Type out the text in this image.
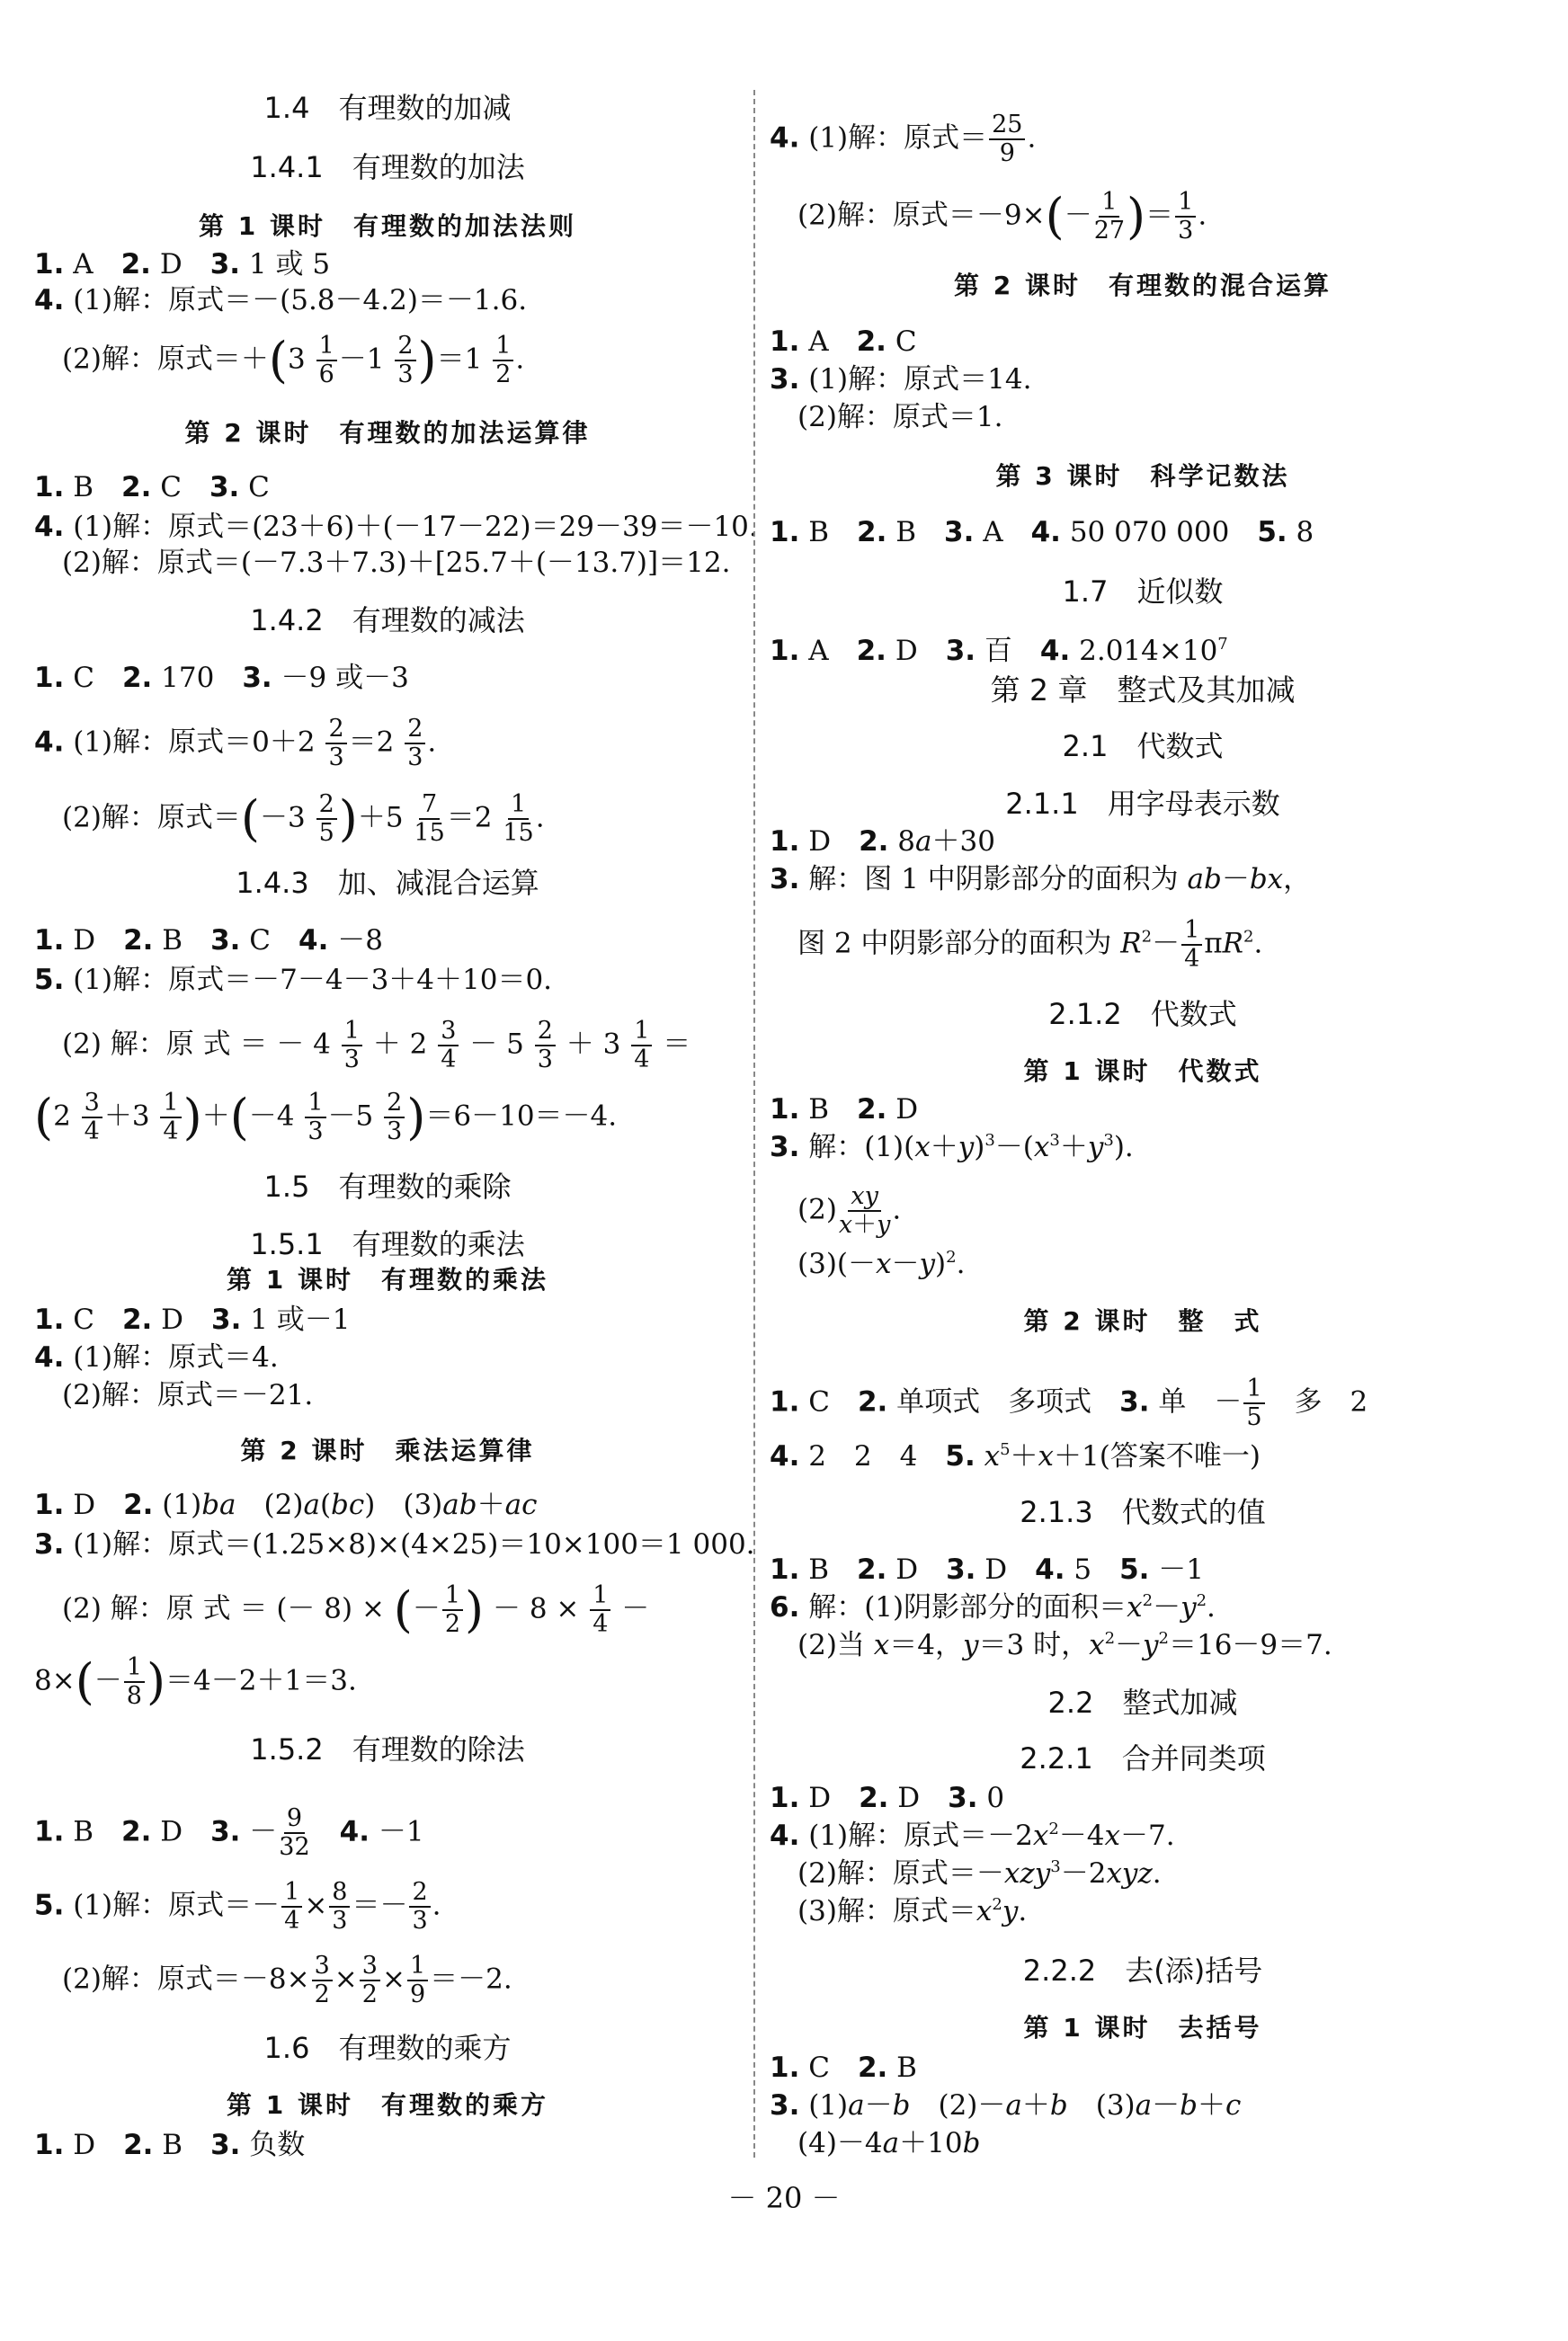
1.4　有理数的加减
1.4.1　有理数的加法
第 1 课时　有理数的加法法则
1. A　2. D　3. 1 或 5
4. (1)解：原式＝－(5.8－4.2)＝－1.6.
　(2)解：原式$=+(3 \frac{1}{6} -1 \frac{2}{3} )=1 \frac{1}{2}$ .
第 2 课时　有理数的加法运算律
1. B　2. C　3. C
4. (1)解：原式＝(23＋6)＋(－17－22)＝29－39＝－10.
　(2)解：原式＝(－7.3＋7.3)＋[25.7＋(－13.7)]＝12.
1.4.2　有理数的减法
1. C　2. 170　3. －9 或－3
4. (1)解：原式$=0+2 \frac{2}{3} =2 \frac{2}{3}$ .
　(2)解：原式$=(-3 \frac{2}{5} )+5 \frac{7}{15} =2 \frac{1}{15}$ .
1.4.3　加、减混合运算
1. D　2. B　3. C　4. －8
5. (1)解：原式＝－7－4－3＋4＋10＝0.
　(2) 解：原 式 ＝ － $4 \frac{1}{3} + 2 \frac{3}{4} - 5 \frac{2}{3} + 3 \frac{1}{4}$ ＝
$(2 \frac{3}{4} +3 \frac{1}{4} )+(-4 \frac{1}{3} -5 \frac{2}{3} )=6-10=-4$.
1.5　有理数的乘除
1.5.1　有理数的乘法
第 1 课时　有理数的乘法
1. C　2. D　3. 1 或－1
4. (1)解：原式＝4.
　(2)解：原式＝－21.
第 2 课时　乘法运算律
1. D　2. (1)ba　(2)a(bc)　(3)ab＋ac
3. (1)解：原式＝(1.25×8)×(4×25)＝10×100＝1 000.
　(2) 解：原 式 ＝ (－ 8) × (－ $\frac{1}{2}$ ) － $8 \times \frac{1}{4}$ －
$8\times(- \frac{1}{8} )=4-2+1=3$.
1.5.2　有理数的除法
1. B　2. D　3. － $\frac{9}{32}$
　 4. －1
5. (1)解：原式＝－ $\frac{1}{4} \times \frac{8}{3} =- \frac{2}{3}$ .
　(2)解：原式$=-8\times \frac{3}{2} \times \frac{3}{2} \times \frac{1}{9} =-2$.
1.6　有理数的乘方
第 1 课时　有理数的乘方
1. D　2. B　3. 负数
4. (1)解：原式＝ $\frac{25}{9}$ .
　(2)解：原式$=-9\times(- \frac{1}{27}$ )＝ $\frac{1}{3}$ .
第 2 课时　有理数的混合运算
1. A　2. C
3. (1)解：原式＝14.
　(2)解：原式＝1.
第 3 课时　科学记数法
1. B　2. B　3. A　4. 50 070 000　5. 8
1.7　近似数
1. A　2. D　3. 百　4. $2.014\times 10^7$
第 2 章　整式及其加减
2.1　代数式
2.1.1　用字母表示数
1. D　2. 8a＋30
3. 解：图 1 中阴影部分的面积为 ab－bx，
　图 2 中阴影部分的面积为 $R^2- \frac{1}{4} \pi R^2$.
2.1.2　代数式
第 1 课时　代数式
1. B　2. D
3. 解：$(1)(x+y)^3-(x^3+y^3)$.
　$(2) \frac{xy}{x+y}$ .
　$(3)(-x-y)^2$.
第 2 课时　整　式
1. C　2. 单项式　多项式　3. 单　－ $\frac{1}{5}$ 　多　2
4. 2　2　4　5. $x^5+x+1$(答案不唯一)
2.1.3　代数式的值
1. B　2. D　3. D　4. 5　5. －1
6. 解：(1)阴影部分的面积$=x^2-y^2$.
　(2)当 x＝4，y＝3 时，$x^2-y^2=16-9=7$.
2.2　整式加减
2.2.1　合并同类项
1. D　2. D　3. 0
4. (1)解：原式$=-2x^2-4x-7$.
　(2)解：原式＝－xzy$^3$－2xyz.
　(3)解：原式$=x^2y$.
2.2.2　去(添)括号
第 1 课时　去括号
1. C　2. B
3. (1)a－b　(2)－a＋b　(3)a－b＋c
　(4)－4a＋10b
－ 20 －
